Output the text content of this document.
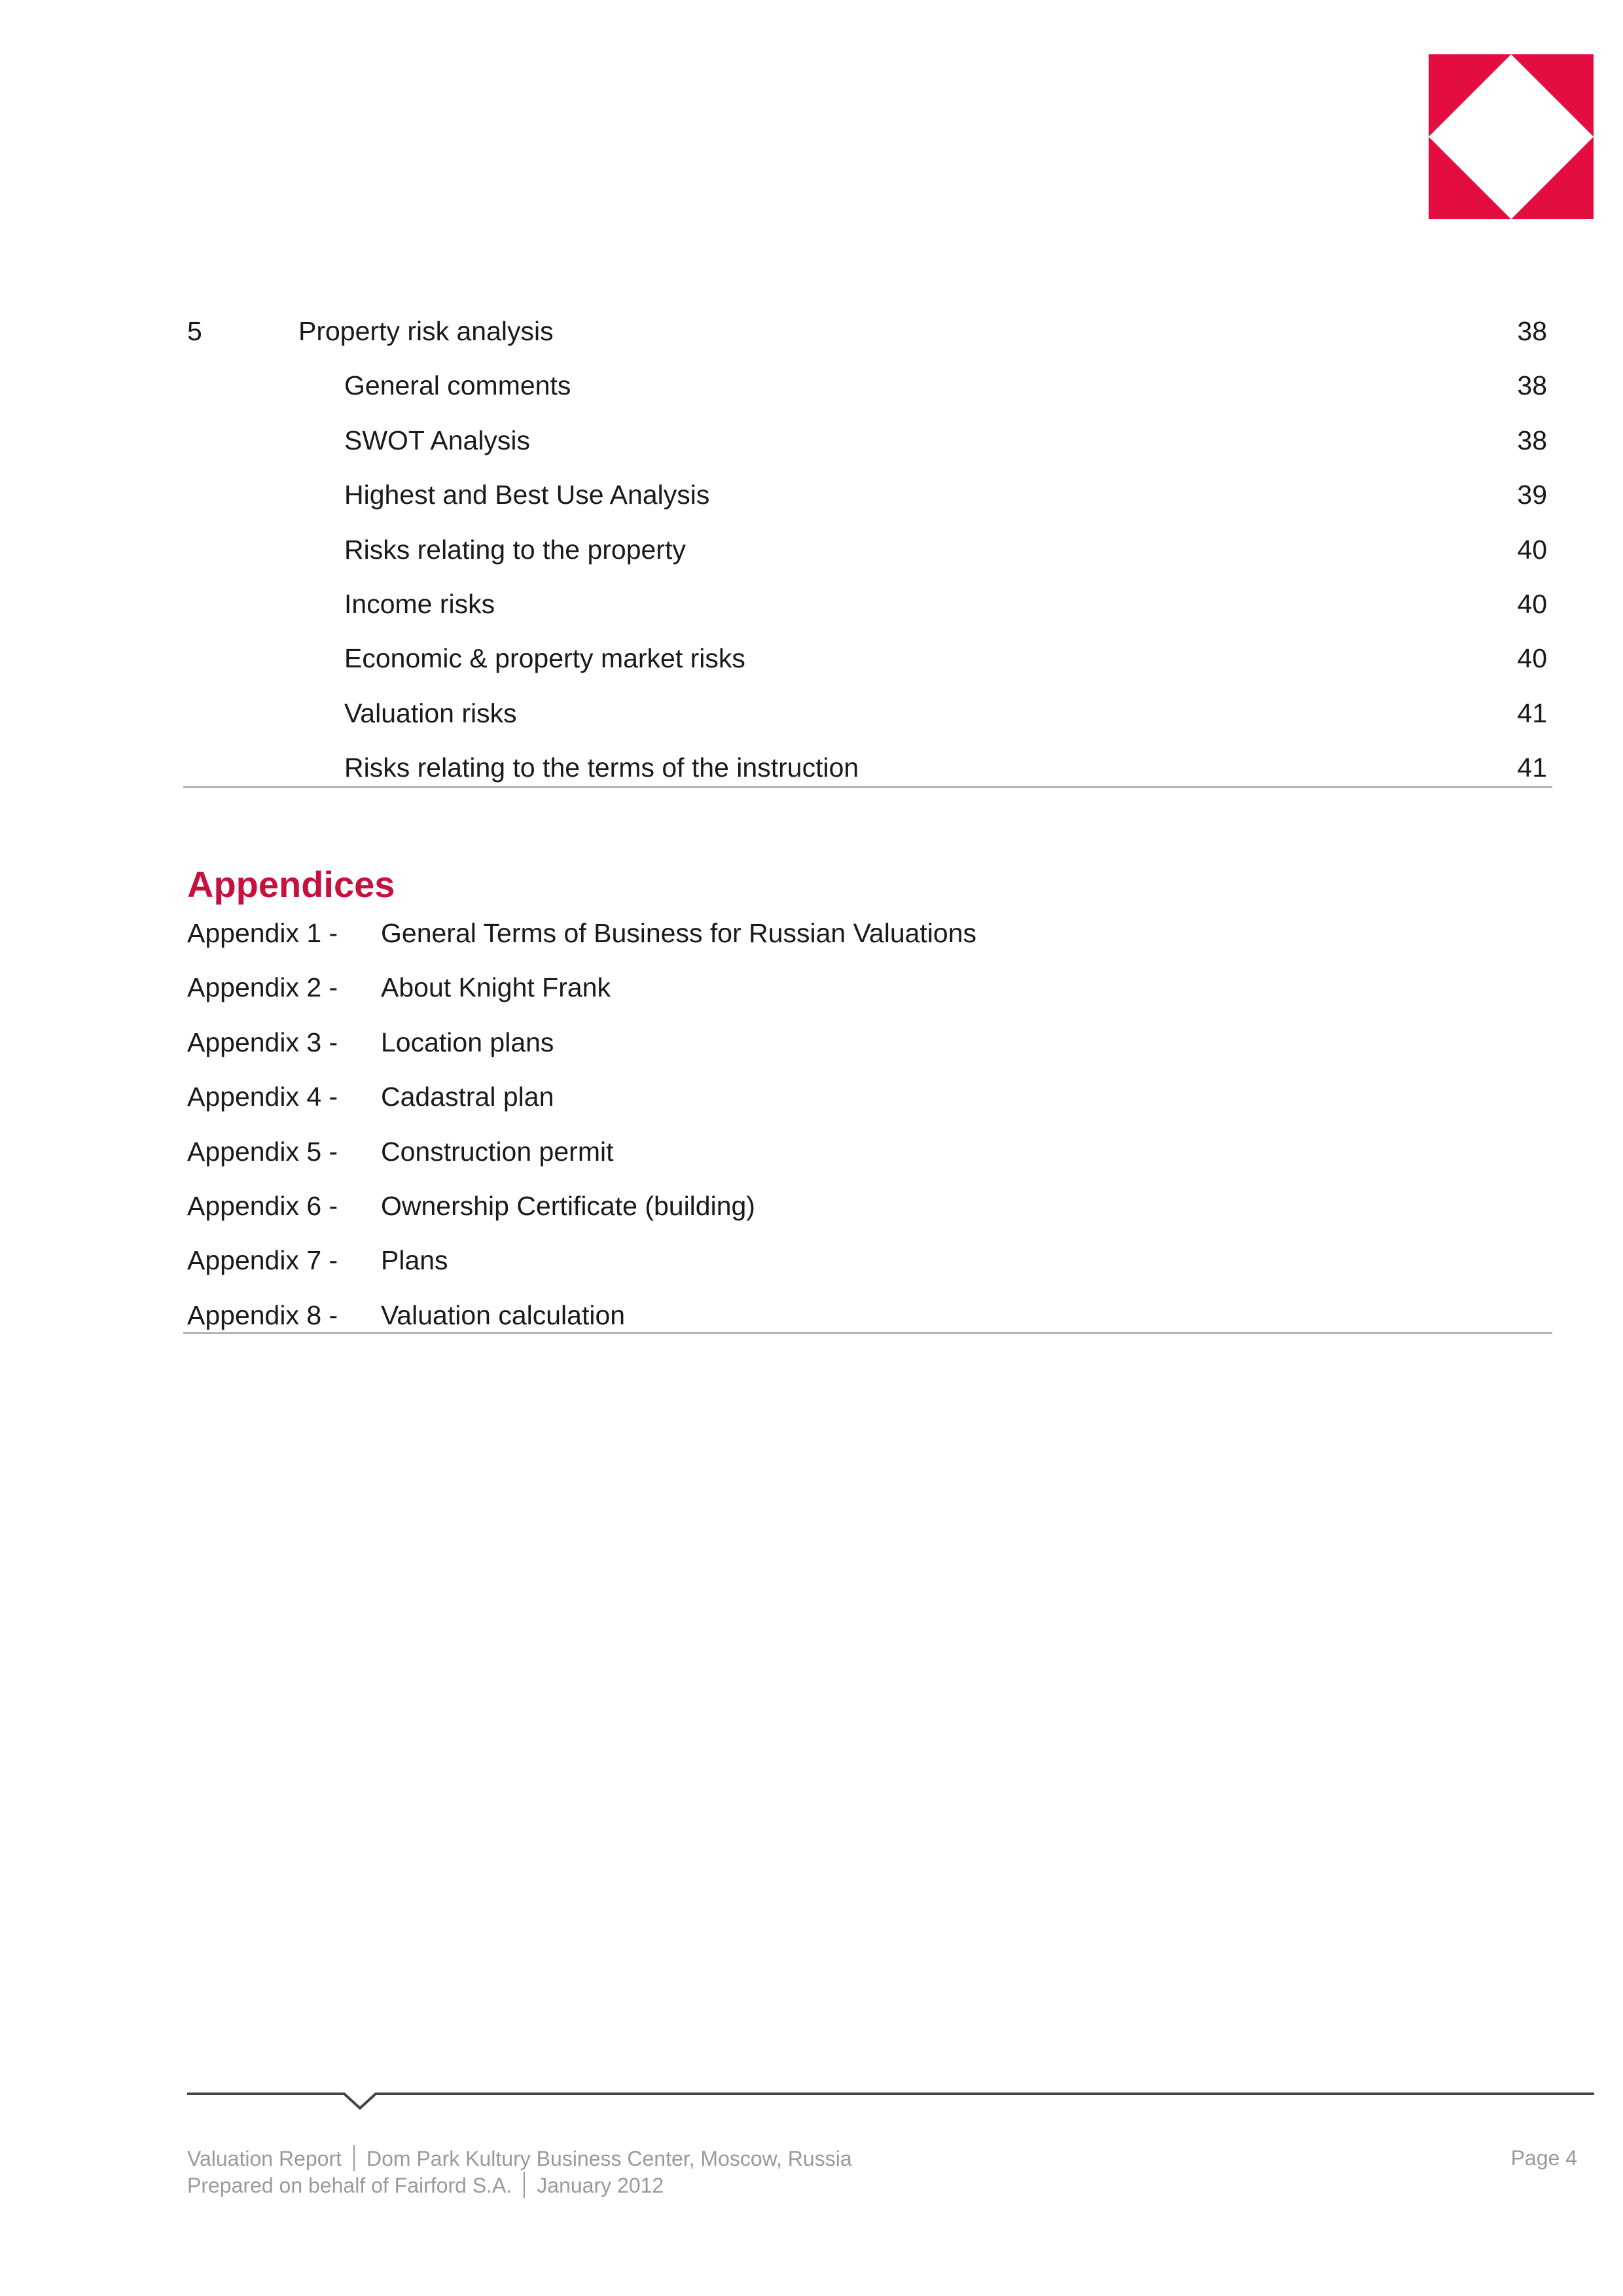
5	Property risk analysis	38
General comments	38
SWOT Analysis	38
Highest and Best Use Analysis	39
Risks relating to the property	40
Income risks	40
Economic & property market risks	40
Valuation risks	41
Risks relating to the terms of the instruction	41
Appendices
Appendix 1 - General Terms of Business for Russian Valuations
Appendix 2 - About Knight Frank
Appendix 3 - Location plans
Appendix 4 - Cadastral plan
Appendix 5 - Construction permit
Appendix 6 - Ownership Certificate (building)
Appendix 7 - Plans
Appendix 8 - Valuation calculation
Valuation Report Dom Park Kultury Business Center, Moscow, Russia
Prepared on behalf of Fairford S.A. January 2012
Page 4
